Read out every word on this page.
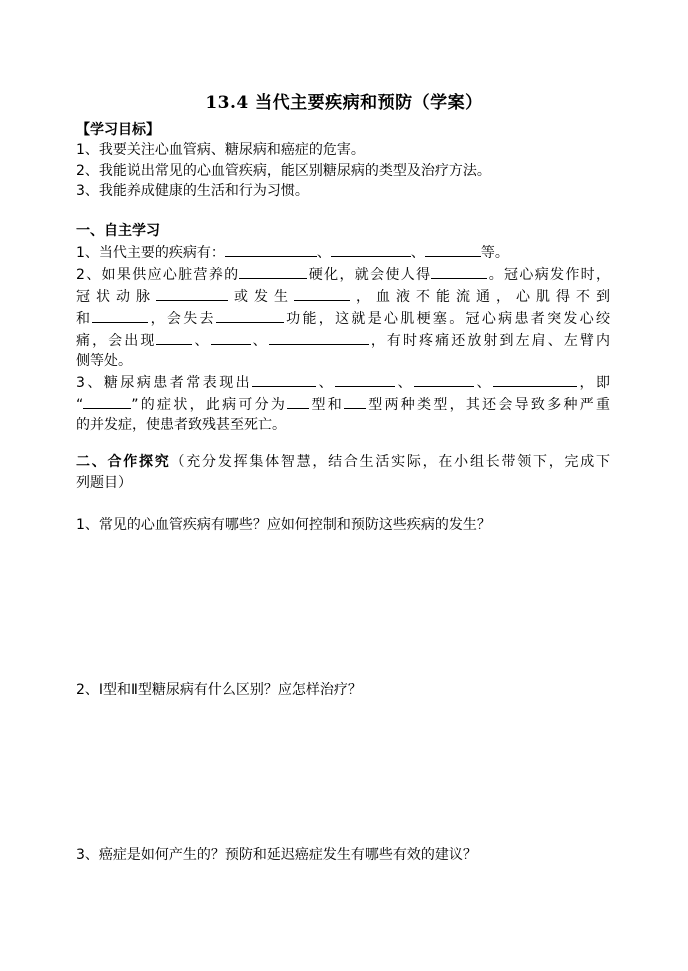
13.4 当代主要疾病和预防（学案）
【学习目标】
1、我要关注心血管病、糖尿病和癌症的危害。
2、我能说出常见的心血管疾病，能区别糖尿病的类型及治疗方法。
3、我能养成健康的生活和行为习惯。
一、自主学习
1、当代主要的疾病有：	、	、	等。
2、如果供应心脏营养的	硬化，就会使人得	。冠心病发作时，
冠状动脉	或发生	，血液不能流通，心肌得不到
和	，会失去	功能，这就是心肌梗塞。冠心病患者突发心绞
痛，会出现	、	、	，有时疼痛还放射到左肩、左臂内
侧等处。
3、糖尿病患者常表现出	、	、	、	，即
“	”的症状，此病可分为 型和 型两种类型，其还会导致多种严重
的并发症，使患者致残甚至死亡。
二、合作探究（充分发挥集体智慧，结合生活实际，在小组长带领下，完成下
列题目）
1、常见的心血管疾病有哪些？应如何控制和预防这些疾病的发生？
2、Ⅰ型和Ⅱ型糖尿病有什么区别？应怎样治疗？
3、癌症是如何产生的？预防和延迟癌症发生有哪些有效的建议？
